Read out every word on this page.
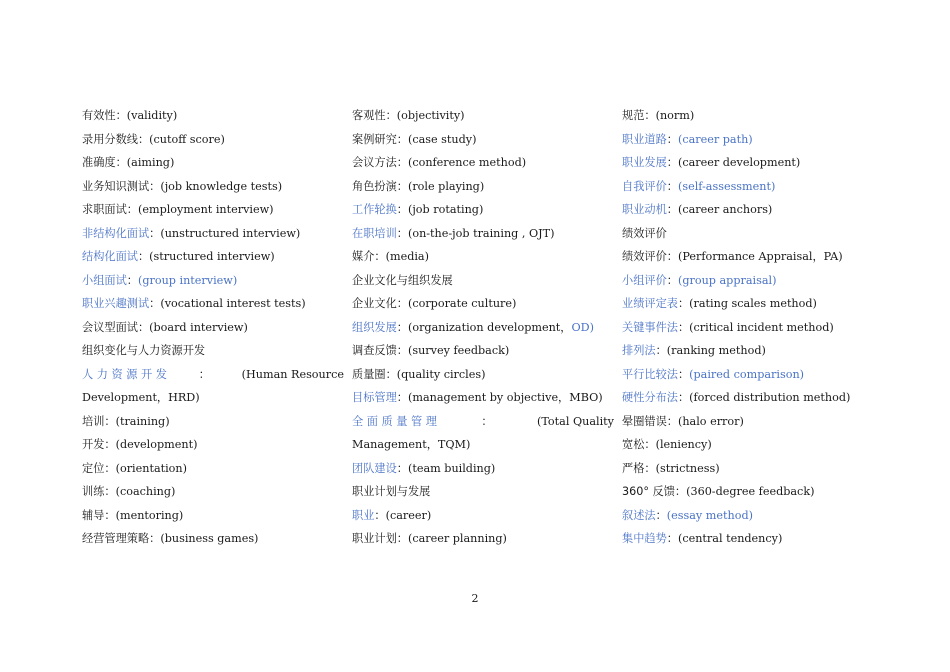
有效性：(validity)
录用分数线：(cutoff score)
准确度：(aiming)
业务知识测试：(job knowledge tests)
求职面试：(employment interview)
非结构化面试：(unstructured interview)
结构化面试：(structured interview)
小组面试：(group interview)
职业兴趣测试：(vocational interest tests)
会议型面试：(board interview)
组织变化与人力资源开发
人 力 资 源 开 发	：	(Human Resource
Development，HRD)
培训：(training)
开发：(development)
定位：(orientation)
训练：(coaching)
辅导：(mentoring)
经营管理策略：(business games)
客观性：(objectivity)
案例研究：(case study)
会议方法：(conference method)
角色扮演：(role playing)
工作轮换：(job rotating)
在职培训：(on-the-job training , OJT)
媒介：(media)
企业文化与组织发展
企业文化：(corporate culture)
组织发展：(organization development，OD)
调查反馈：(survey feedback)
质量圈：(quality circles)
目标管理：(management by objective，MBO)
全 面 质 量 管 理	：	(Total Quality
Management，TQM)
团队建设：(team building)
职业计划与发展
职业：(career)
职业计划：(career planning)
规范：(norm)
职业道路：(career path)
职业发展：(career development)
自我评价：(self-assessment)
职业动机：(career anchors)
绩效评价
绩效评价：(Performance Appraisal，PA)
小组评价：(group appraisal)
业绩评定表：(rating scales method)
关键事件法：(critical incident method)
排列法：(ranking method)
平行比较法：(paired comparison)
硬性分布法：(forced distribution method)
晕圈错误：(halo error)
宽松：(leniency)
严格：(strictness)
360° 反馈：(360-degree feedback)
叙述法：(essay method)
集中趋势：(central tendency)
2
